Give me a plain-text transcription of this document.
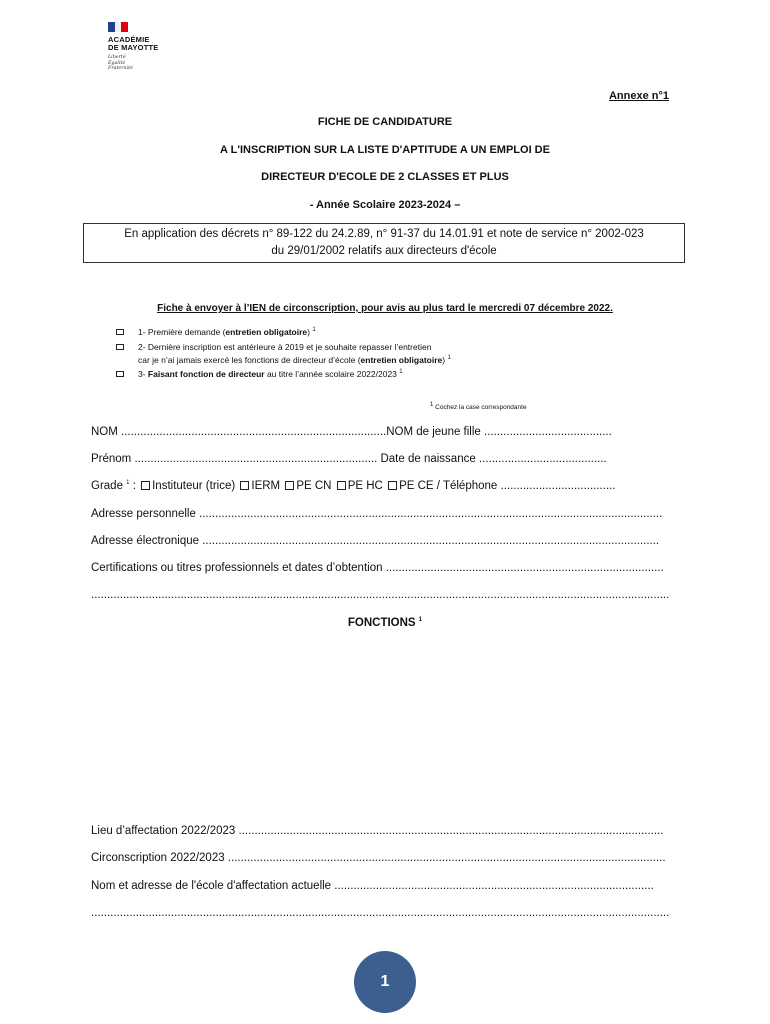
ACADÉMIE
DE MAYOTTE
Liberté
Égalité
Fraternité
Annexe n°1
FICHE DE CANDIDATURE
A L'INSCRIPTION SUR LA LISTE D'APTITUDE A UN EMPLOI DE
DIRECTEUR D'ECOLE DE 2 CLASSES ET PLUS
- Année Scolaire 2023-2024 –
En application des décrets n° 89-122 du 24.2.89, n° 91-37 du 14.01.91 et note de service n° 2002-023
du 29/01/2002 relatifs aux directeurs d'école
Fiche à envoyer à l’IEN de circonscription, pour avis au plus tard le mercredi 07 décembre 2022.
1- Première demande (entretien obligatoire) $^1$
2- Dernière inscription est antérieure à 2019 et je souhaite repasser l’entretien
car je n’ai jamais exercé les fonctions de directeur d’école (entretien obligatoire) $^1$
3- Faisant fonction de directeur au titre l’année scolaire 2022/2023 $^1$
1 Cochez la case correspondante
NOM ...................................................................................NOM de jeune fille ........................................
Prénom ............................................................................ Date de naissance ........................................
Grade $^1$ : Instituteur (trice) IERM PE CN PE HC PE CE / Téléphone ....................................
Adresse personnelle .................................................................................................................................................
Adresse électronique ...............................................................................................................................................
Certifications ou titres professionnels et dates d’obtention .......................................................................................
.....................................................................................................................................................................................
FONCTIONS $^1$
Lieu d’affectation 2022/2023 .....................................................................................................................................
Circonscription 2022/2023 .........................................................................................................................................
Nom et adresse de l'école d'affectation actuelle ....................................................................................................
.....................................................................................................................................................................................
1
